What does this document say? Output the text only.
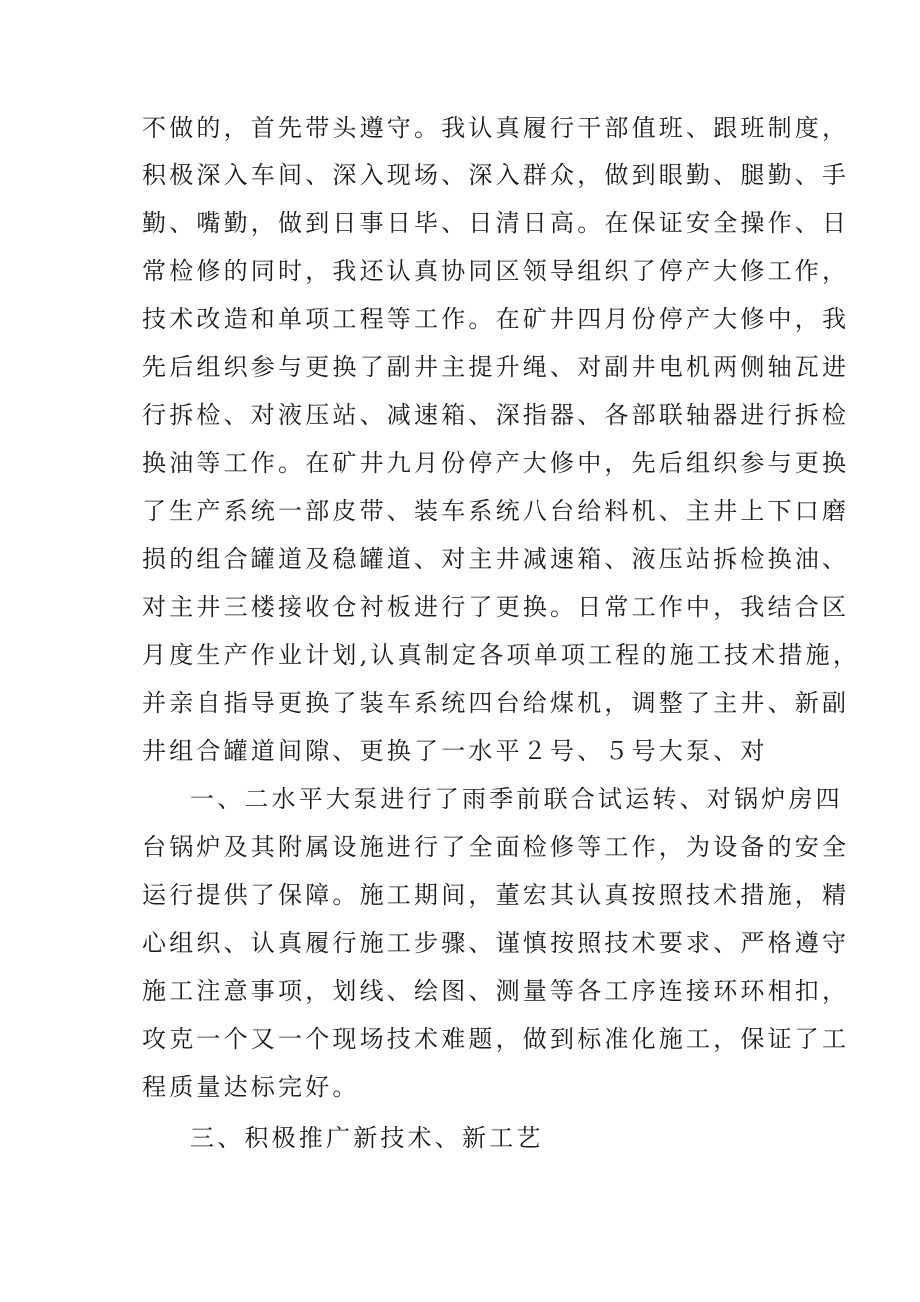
不做的，首先带头遵守。我认真履行干部值班、跟班制度，
积极深入车间、深入现场、深入群众，做到眼勤、腿勤、手
勤、嘴勤，做到日事日毕、日清日高。在保证安全操作、日
常检修的同时，我还认真协同区领导组织了停产大修工作，
技术改造和单项工程等工作。在矿井四月份停产大修中，我
先后组织参与更换了副井主提升绳、对副井电机两侧轴瓦进
行拆检、对液压站、减速箱、深指器、各部联轴器进行拆检
换油等工作。在矿井九月份停产大修中，先后组织参与更换
了生产系统一部皮带、装车系统八台给料机、主井上下口磨
损的组合罐道及稳罐道、对主井减速箱、液压站拆检换油、
对主井三楼接收仓衬板进行了更换。日常工作中，我结合区
月度生产作业计划,认真制定各项单项工程的施工技术措施，
并亲自指导更换了装车系统四台给煤机，调整了主井、新副
井组合罐道间隙、更换了一水平２号、５号大泵、对
一、二水平大泵进行了雨季前联合试运转、对锅炉房四
台锅炉及其附属设施进行了全面检修等工作，为设备的安全
运行提供了保障。施工期间，董宏其认真按照技术措施，精
心组织、认真履行施工步骤、谨慎按照技术要求、严格遵守
施工注意事项，划线、绘图、测量等各工序连接环环相扣，
攻克一个又一个现场技术难题，做到标准化施工，保证了工
程质量达标完好。
三、积极推广新技术、新工艺
